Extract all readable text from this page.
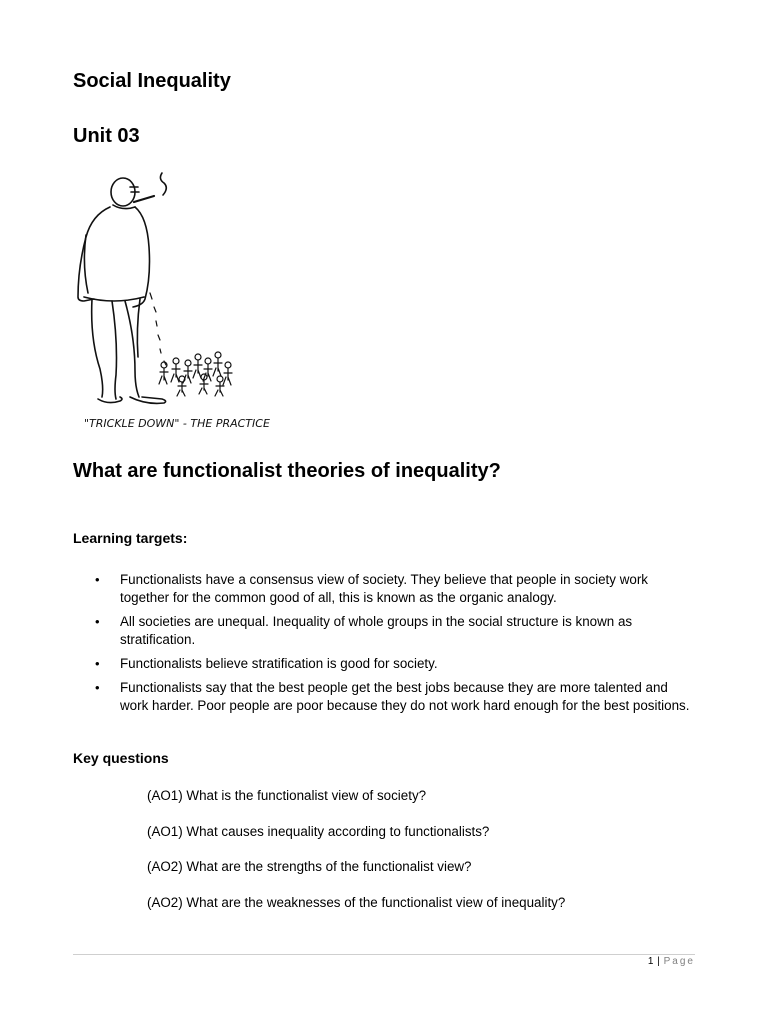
Social Inequality
Unit 03
"TRICKLE DOWN" - THE PRACTICE
What are functionalist theories of inequality?
Learning targets:
• Functionalists have a consensus view of society. They believe that people in society work together for the common good of all, this is known as the organic analogy.
• All societies are unequal. Inequality of whole groups in the social structure is known as stratification.
• Functionalists believe stratification is good for society.
• Functionalists say that the best people get the best jobs because they are more talented and work harder. Poor people are poor because they do not work hard enough for the best positions.
Key questions

(AO1) What is the functionalist view of society?

(AO1) What causes inequality according to functionalists?

(AO2) What are the strengths of the functionalist view?

(AO2) What are the weaknesses of the functionalist view of inequality?

1 | Page
